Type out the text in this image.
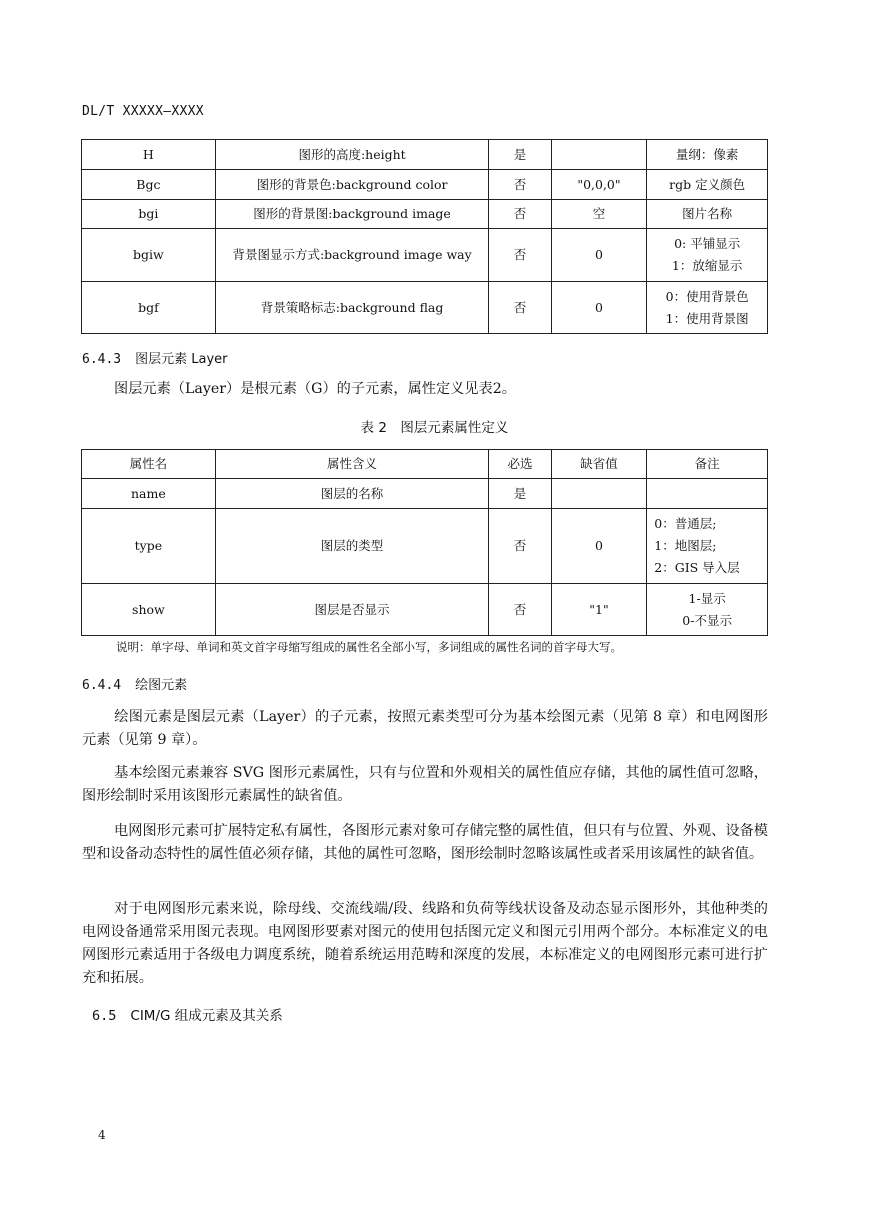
DL/T XXXXX—XXXX
H	图形的高度:height	是		量纲：像素
Bgc	图形的背景色:background color	否	"0,0,0"	rgb 定义颜色
bgi	图形的背景图:background image	否	空	图片名称
bgiw	背景图显示方式:background image way	否	0	0: 平铺显示
1：放缩显示

bgf	背景策略标志:background flag	否	0	0：使用背景色
1：使用背景图
6.4.3 图层元素 Layer
图层元素（Layer）是根元素（G）的子元素，属性定义见表2。
表 2　图层元素属性定义
属性名	属性含义	必选	缺省值	备注
name	图层的名称	是		
type	图层的类型	否	0	0：普通层;
1：地图层;
2：GIS 导入层

show	图层是否显示	否	"1"	1-显示
0-不显示
说明：单字母、单词和英文首字母缩写组成的属性名全部小写，多词组成的属性名词的首字母大写。
6.4.4 绘图元素
绘图元素是图层元素（Layer）的子元素，按照元素类型可分为基本绘图元素（见第 8 章）和电网图形元素（见第 9 章）。
基本绘图元素兼容 SVG 图形元素属性，只有与位置和外观相关的属性值应存储，其他的属性值可忽略，图形绘制时采用该图形元素属性的缺省值。
电网图形元素可扩展特定私有属性，各图形元素对象可存储完整的属性值，但只有与位置、外观、设备模型和设备动态特性的属性值必须存储，其他的属性可忽略，图形绘制时忽略该属性或者采用该属性的缺省值。
对于电网图形元素来说，除母线、交流线端/段、线路和负荷等线状设备及动态显示图形外，其他种类的电网设备通常采用图元表现。电网图形要素对图元的使用包括图元定义和图元引用两个部分。本标准定义的电网图形元素适用于各级电力调度系统，随着系统运用范畴和深度的发展，本标准定义的电网图形元素可进行扩充和拓展。
6.5 CIM/G 组成元素及其关系
4
